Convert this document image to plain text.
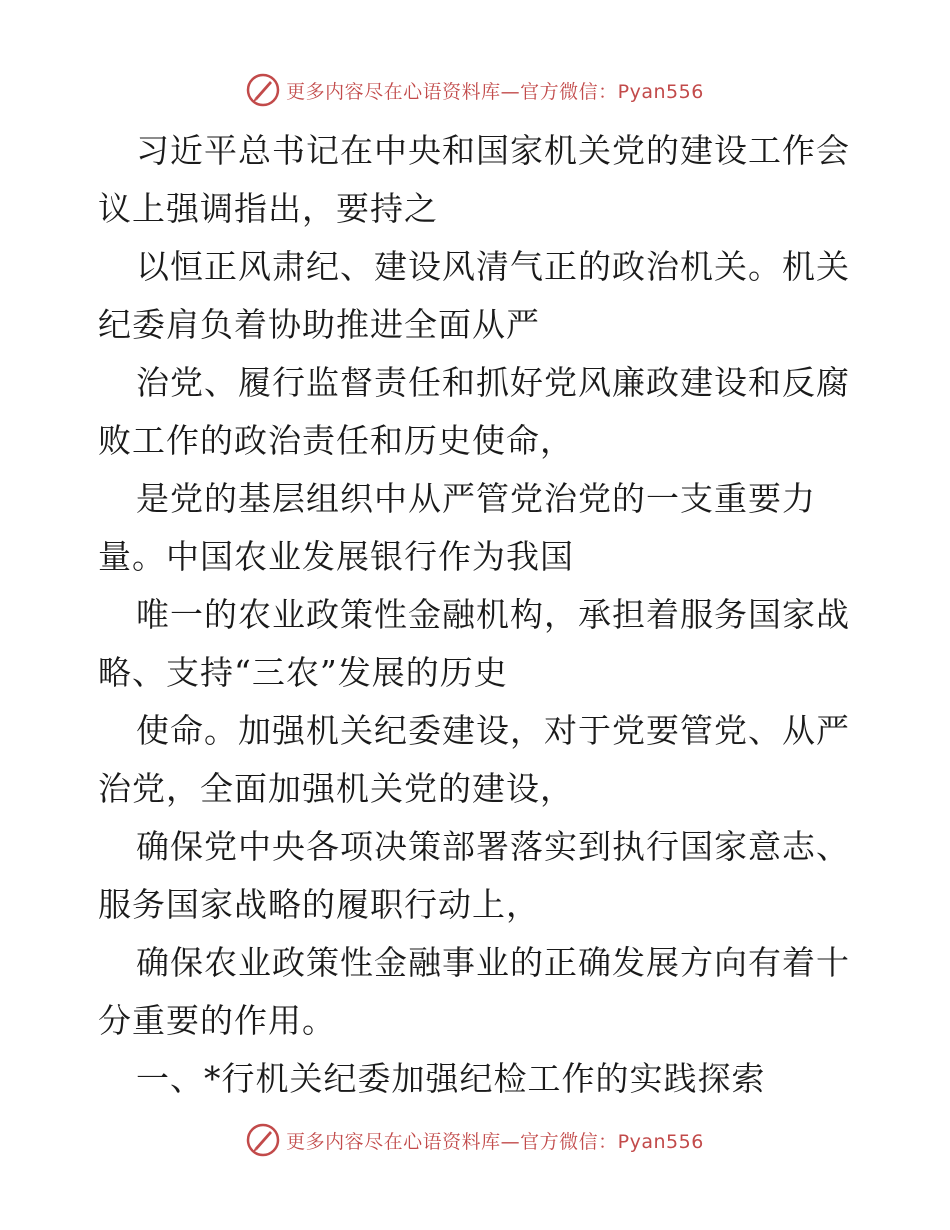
更多内容尽在心语资料库—官方微信：Pyan556

习近平总书记在中央和国家机关党的建设工作会
议上强调指出，要持之

以恒正风肃纪、建设风清气正的政治机关。机关
纪委肩负着协助推进全面从严

治党、履行监督责任和抓好党风廉政建设和反腐
败工作的政治责任和历史使命，

是党的基层组织中从严管党治党的一支重要力
量。中国农业发展银行作为我国

唯一的农业政策性金融机构，承担着服务国家战
略、支持“三农”发展的历史

使命。加强机关纪委建设，对于党要管党、从严
治党，全面加强机关党的建设，

确保党中央各项决策部署落实到执行国家意志、
服务国家战略的履职行动上，

确保农业政策性金融事业的正确发展方向有着十
分重要的作用。

一、*行机关纪委加强纪检工作的实践探索

更多内容尽在心语资料库—官方微信：Pyan556
